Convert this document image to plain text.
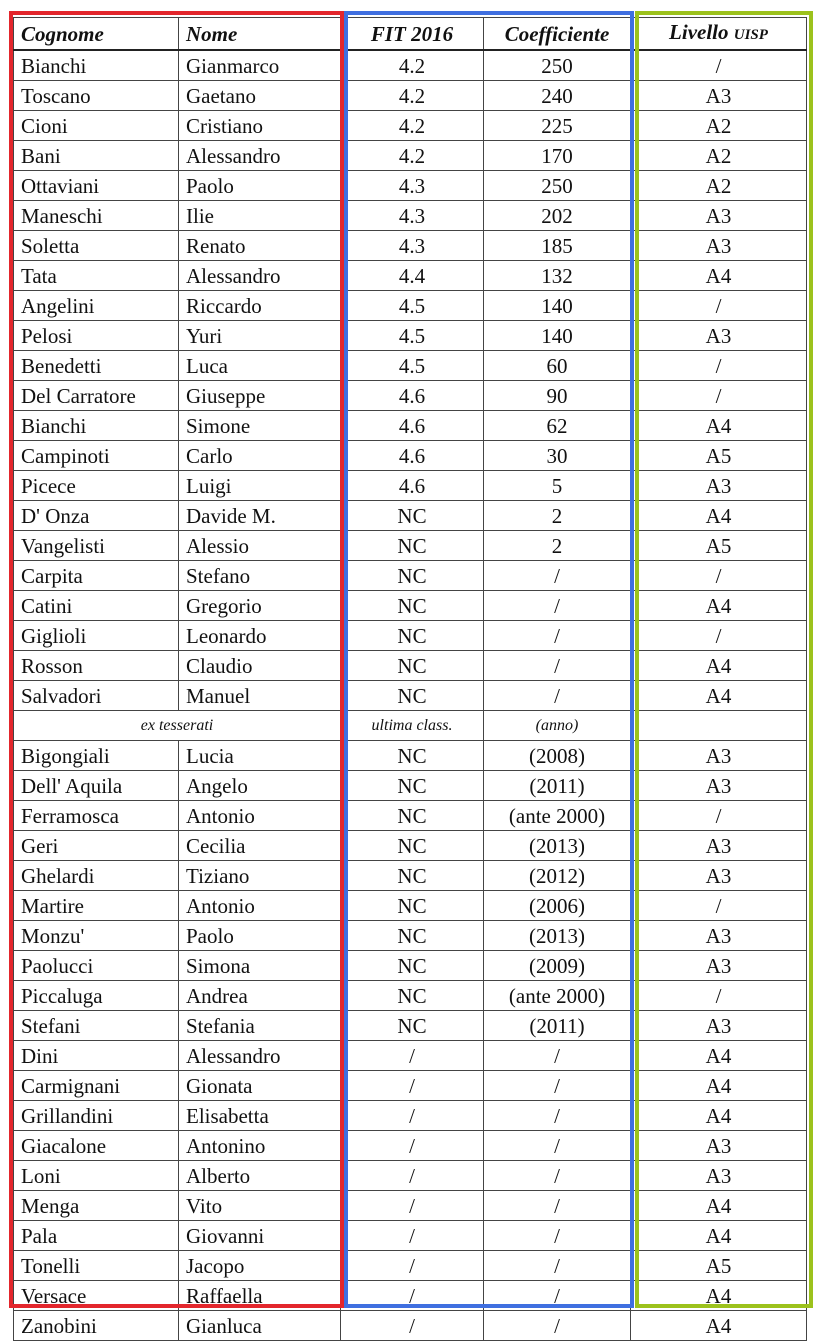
Cognome	Nome	FIT 2016	Coefficiente	Livello UISP
Bianchi	Gianmarco	4.2	250	/
Toscano	Gaetano	4.2	240	A3
Cioni	Cristiano	4.2	225	A2
Bani	Alessandro	4.2	170	A2
Ottaviani	Paolo	4.3	250	A2
Maneschi	Ilie	4.3	202	A3
Soletta	Renato	4.3	185	A3
Tata	Alessandro	4.4	132	A4
Angelini	Riccardo	4.5	140	/
Pelosi	Yuri	4.5	140	A3
Benedetti	Luca	4.5	60	/
Del Carratore	Giuseppe	4.6	90	/
Bianchi	Simone	4.6	62	A4
Campinoti	Carlo	4.6	30	A5
Picece	Luigi	4.6	5	A3
D' Onza	Davide M.	NC	2	A4
Vangelisti	Alessio	NC	2	A5
Carpita	Stefano	NC	/	/
Catini	Gregorio	NC	/	A4
Giglioli	Leonardo	NC	/	/
Rosson	Claudio	NC	/	A4
Salvadori	Manuel	NC	/	A4
ex tesserati		ultima class.	(anno)	
Bigongiali	Lucia	NC	(2008)	A3
Dell' Aquila	Angelo	NC	(2011)	A3
Ferramosca	Antonio	NC	(ante 2000)	/
Geri	Cecilia	NC	(2013)	A3
Ghelardi	Tiziano	NC	(2012)	A3
Martire	Antonio	NC	(2006)	/
Monzu'	Paolo	NC	(2013)	A3
Paolucci	Simona	NC	(2009)	A3
Piccaluga	Andrea	NC	(ante 2000)	/
Stefani	Stefania	NC	(2011)	A3
Dini	Alessandro	/	/	A4
Carmignani	Gionata	/	/	A4
Grillandini	Elisabetta	/	/	A4
Giacalone	Antonino	/	/	A3
Loni	Alberto	/	/	A3
Menga	Vito	/	/	A4
Pala	Giovanni	/	/	A4
Tonelli	Jacopo	/	/	A5
Versace	Raffaella	/	/	A4
Zanobini	Gianluca	/	/	A4
